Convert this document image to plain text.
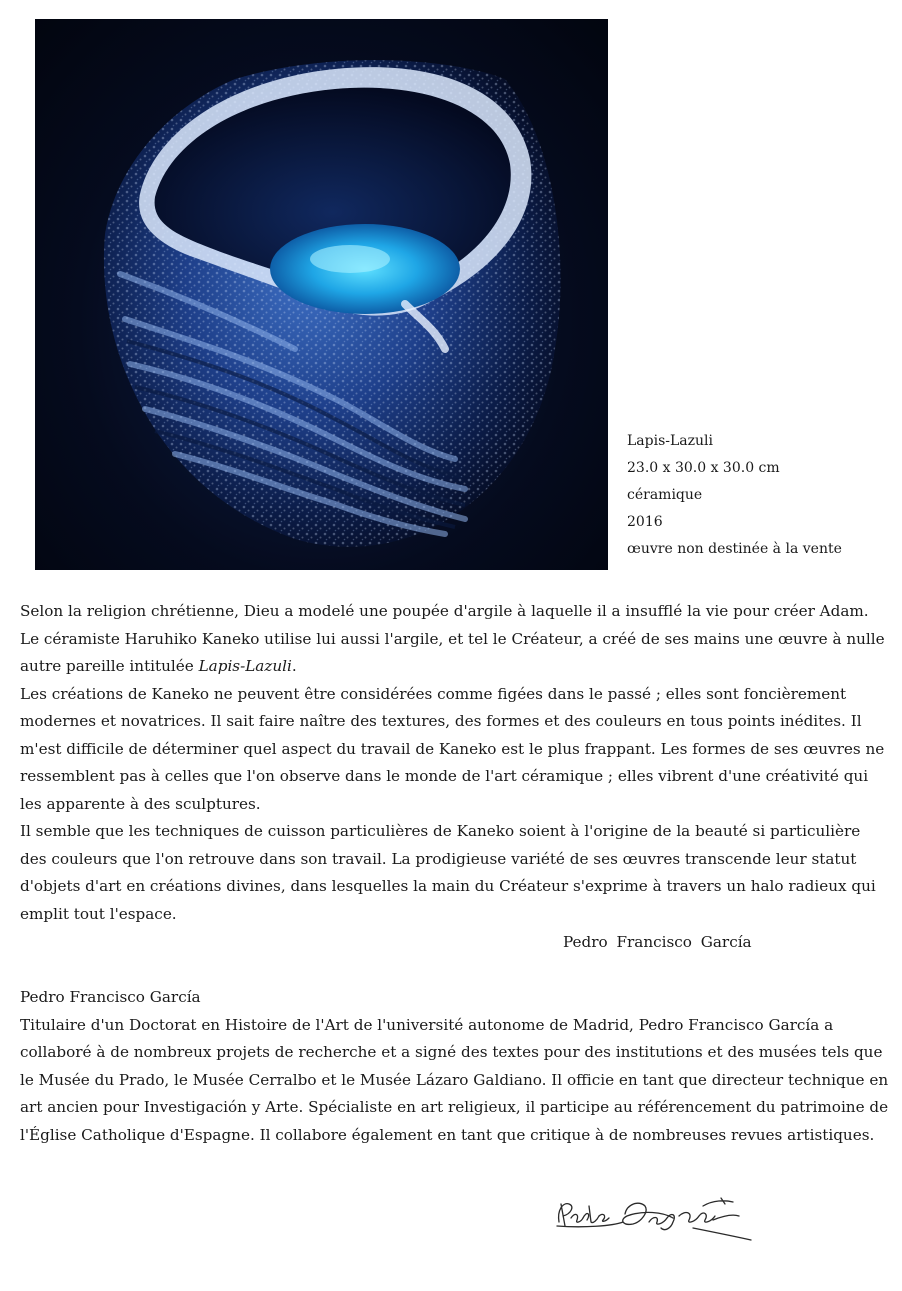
Lapis-Lazuli
23.0 x 30.0 x 30.0 cm
céramique
2016
œuvre non destinée à la vente

Selon la religion chrétienne, Dieu a modelé une poupée d'argile à laquelle il a insufflé la vie pour créer Adam. Le céramiste Haruhiko Kaneko utilise lui aussi l'argile, et tel le Créateur, a créé de ses mains une œuvre à nulle autre pareille intitulée Lapis-Lazuli.

Les créations de Kaneko ne peuvent être considérées comme figées dans le passé ; elles sont foncièrement modernes et novatrices. Il sait faire naître des textures, des formes et des couleurs en tous points inédites. Il m'est difficile de déterminer quel aspect du travail de Kaneko est le plus frappant. Les formes de ses œuvres ne ressemblent pas à celles que l'on observe dans le monde de l'art céramique ; elles vibrent d'une créativité qui les apparente à des sculptures.

Il semble que les techniques de cuisson particulières de Kaneko soient à l'origine de la beauté si particulière des couleurs que l'on retrouve dans son travail. La prodigieuse variété de ses œuvres transcende leur statut d'objets d'art en créations divines, dans lesquelles la main du Créateur s'exprime à travers un halo radieux qui emplit tout l'espace.

Pedro Francisco García

Pedro Francisco García

Titulaire d'un Doctorat en Histoire de l'Art de l'université autonome de Madrid, Pedro Francisco García a collaboré à de nombreux projets de recherche et a signé des textes pour des institutions et des musées tels que le Musée du Prado, le Musée Cerralbo et le Musée Lázaro Galdiano. Il officie en tant que directeur technique en art ancien pour Investigación y Arte. Spécialiste en art religieux, il participe au référencement du patrimoine de l'Église Catholique d'Espagne. Il collabore également en tant que critique à de nombreuses revues artistiques.
